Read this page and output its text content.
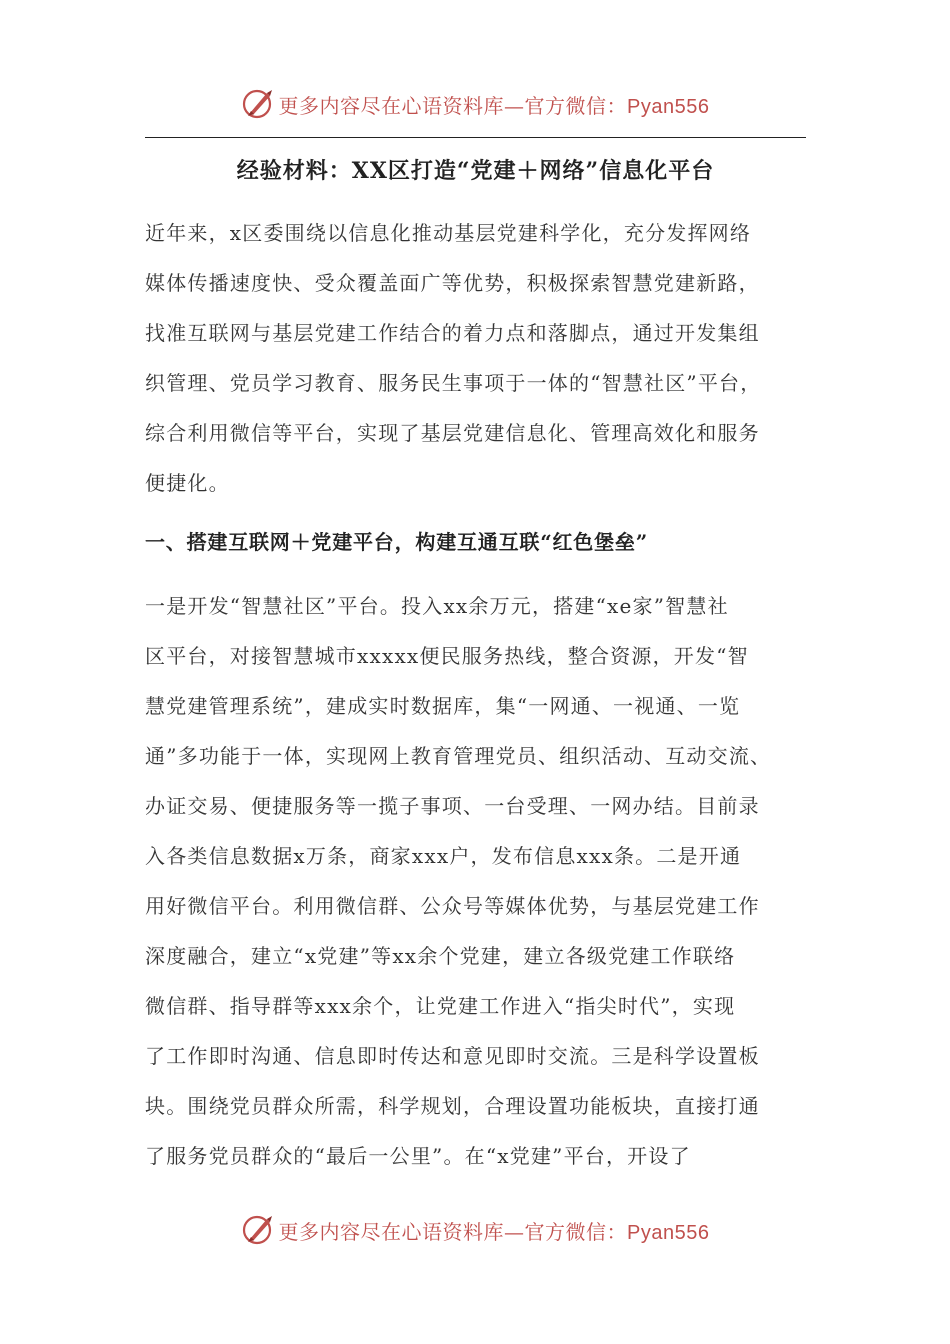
更多内容尽在心语资料库—官方微信：Pyan556
经验材料：XX区打造“党建＋网络”信息化平台

近年来，x区委围绕以信息化推动基层党建科学化，充分发挥网络
媒体传播速度快、受众覆盖面广等优势，积极探索智慧党建新路，
找准互联网与基层党建工作结合的着力点和落脚点，通过开发集组
织管理、党员学习教育、服务民生事项于一体的“智慧社区”平台，
综合利用微信等平台，实现了基层党建信息化、管理高效化和服务
便捷化。

一、搭建互联网＋党建平台，构建互通互联“红色堡垒”

一是开发“智慧社区”平台。投入xx余万元，搭建“xe家”智慧社
区平台，对接智慧城市xxxxx便民服务热线，整合资源，开发“智
慧党建管理系统”，建成实时数据库，集“一网通、一视通、一览
通”多功能于一体，实现网上教育管理党员、组织活动、互动交流、
办证交易、便捷服务等一揽子事项、一台受理、一网办结。目前录
入各类信息数据x万条，商家xxx户，发布信息xxx条。二是开通
用好微信平台。利用微信群、公众号等媒体优势，与基层党建工作
深度融合，建立“x党建”等xx余个党建，建立各级党建工作联络
微信群、指导群等xxx余个，让党建工作进入“指尖时代”，实现
了工作即时沟通、信息即时传达和意见即时交流。三是科学设置板
块。围绕党员群众所需，科学规划，合理设置功能板块，直接打通
了服务党员群众的“最后一公里”。在“x党建”平台，开设了

更多内容尽在心语资料库—官方微信：Pyan556
